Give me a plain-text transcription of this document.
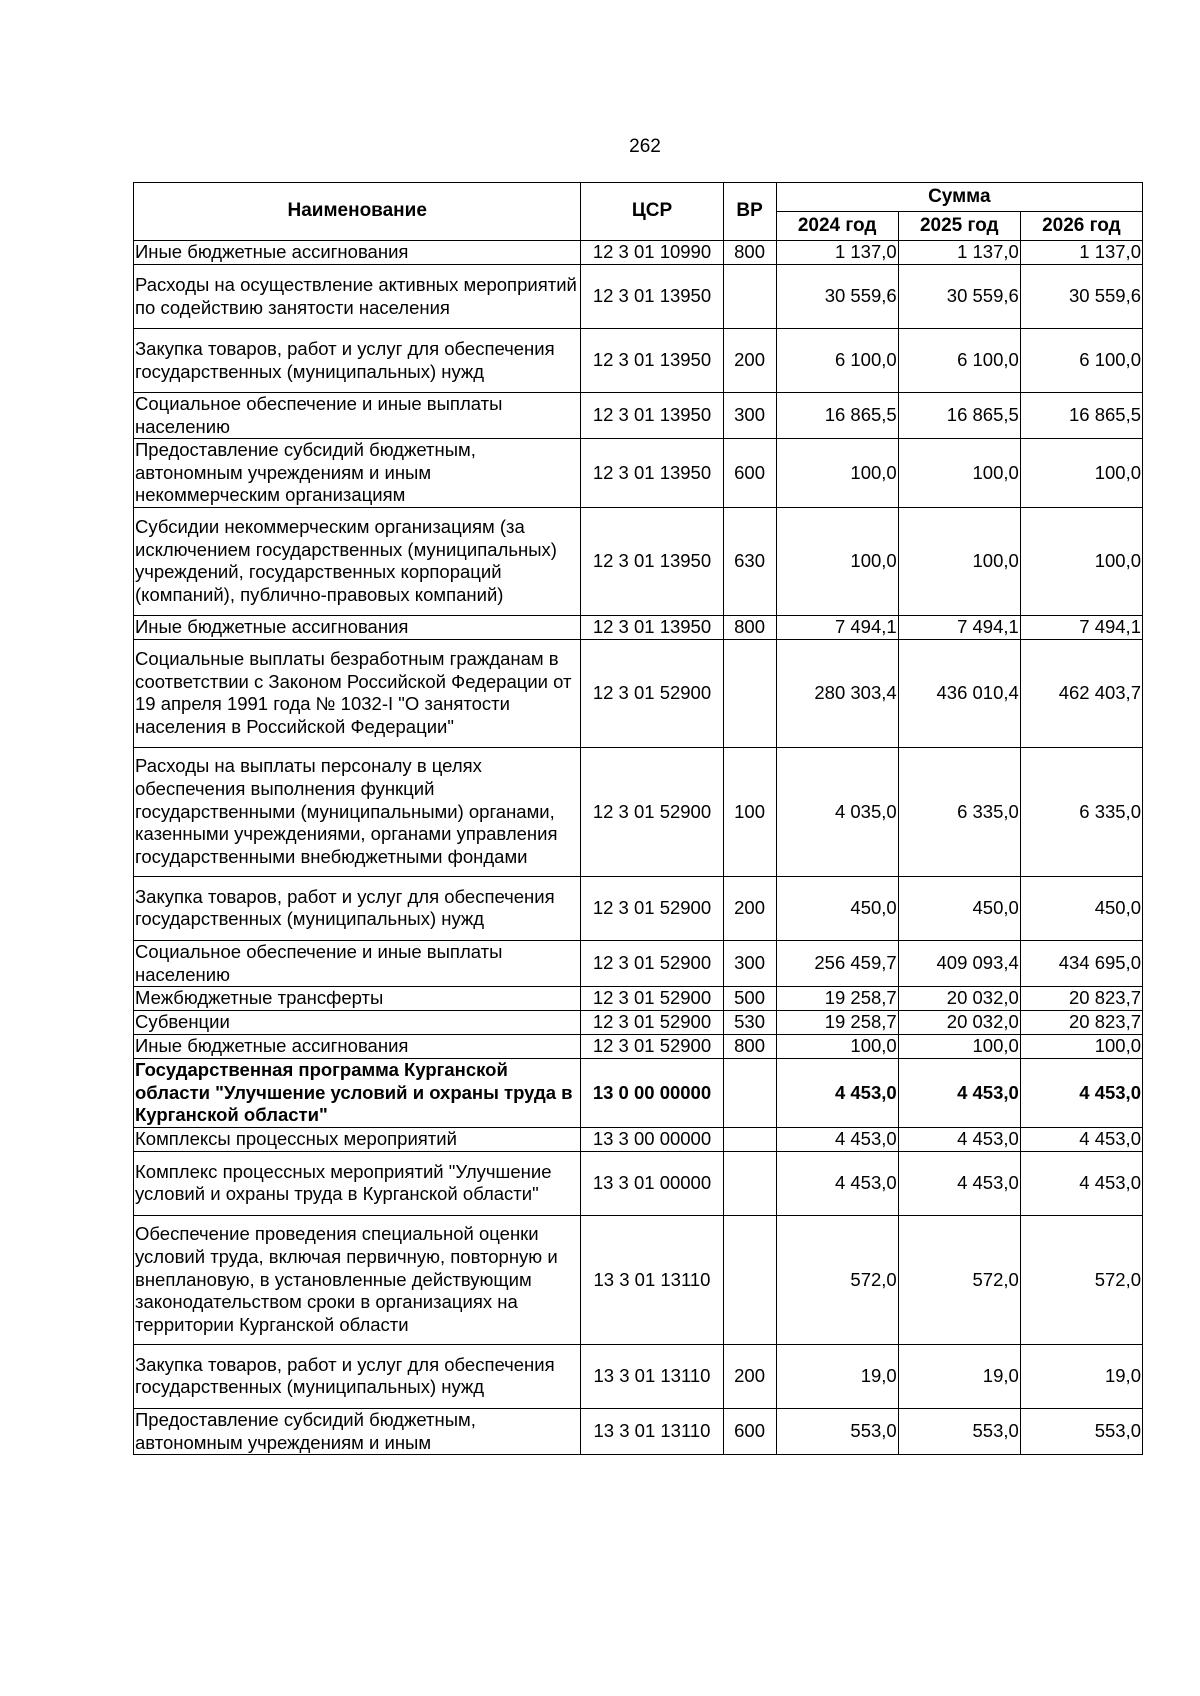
262
Наименование	ЦСР	ВР	Сумма		
			2024 год	2025 год	2026 год
Иные бюджетные ассигнования	12 3 01 10990	800	1 137,0	1 137,0	1 137,0
Расходы на осуществление активных мероприятий по содействию занятости населения	12 3 01 13950		30 559,6	30 559,6	30 559,6
Закупка товаров, работ и услуг для обеспечения государственных (муниципальных) нужд	12 3 01 13950	200	6 100,0	6 100,0	6 100,0
Социальное обеспечение и иные выплаты населению	12 3 01 13950	300	16 865,5	16 865,5	16 865,5
Предоставление субсидий бюджетным, автономным учреждениям и иным некоммерческим организациям	12 3 01 13950	600	100,0	100,0	100,0
Субсидии некоммерческим организациям (за исключением государственных (муниципальных) учреждений, государственных корпораций (компаний), публично-правовых компаний)	12 3 01 13950	630	100,0	100,0	100,0
Иные бюджетные ассигнования	12 3 01 13950	800	7 494,1	7 494,1	7 494,1
Социальные выплаты безработным гражданам в соответствии с Законом Российской Федерации от 19 апреля 1991 года № 1032-I "О занятости населения в Российской Федерации"	12 3 01 52900		280 303,4	436 010,4	462 403,7
Расходы на выплаты персоналу в целях обеспечения выполнения функций государственными (муниципальными) органами, казенными учреждениями, органами управления государственными внебюджетными фондами	12 3 01 52900	100	4 035,0	6 335,0	6 335,0
Закупка товаров, работ и услуг для обеспечения государственных (муниципальных) нужд	12 3 01 52900	200	450,0	450,0	450,0
Социальное обеспечение и иные выплаты населению	12 3 01 52900	300	256 459,7	409 093,4	434 695,0
Межбюджетные трансферты	12 3 01 52900	500	19 258,7	20 032,0	20 823,7
Субвенции	12 3 01 52900	530	19 258,7	20 032,0	20 823,7
Иные бюджетные ассигнования	12 3 01 52900	800	100,0	100,0	100,0
Государственная программа Курганской области "Улучшение условий и охраны труда в Курганской области"	13 0 00 00000		4 453,0	4 453,0	4 453,0
Комплексы процессных мероприятий	13 3 00 00000		4 453,0	4 453,0	4 453,0
Комплекс процессных мероприятий "Улучшение условий и охраны труда в Курганской области"	13 3 01 00000		4 453,0	4 453,0	4 453,0
Обеспечение проведения специальной оценки условий труда, включая первичную, повторную и внеплановую, в установленные действующим законодательством сроки в организациях на территории Курганской области	13 3 01 13110		572,0	572,0	572,0
Закупка товаров, работ и услуг для обеспечения государственных (муниципальных) нужд	13 3 01 13110	200	19,0	19,0	19,0
Предоставление субсидий бюджетным, автономным учреждениям и иным	13 3 01 13110	600	553,0	553,0	553,0
